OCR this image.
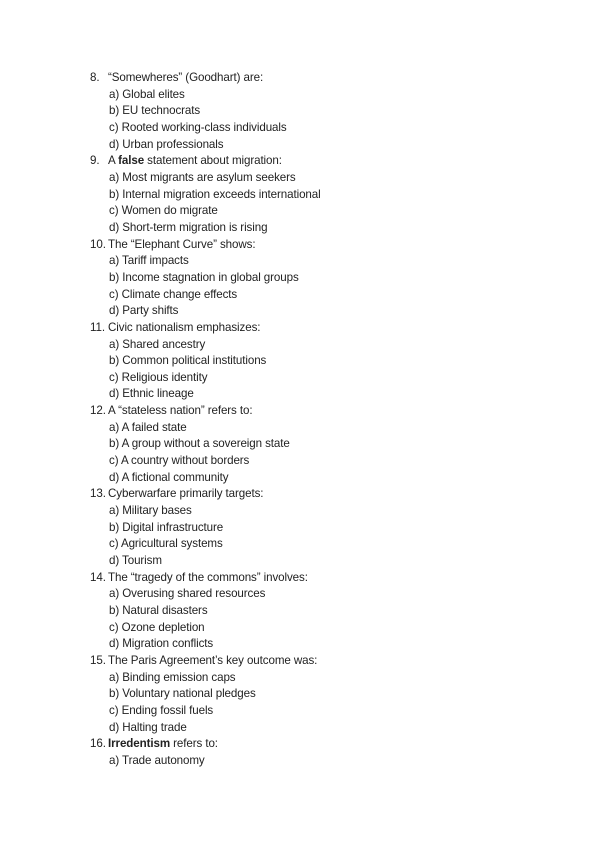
8. “Somewheres” (Goodhart) are:
a) Global elites
b) EU technocrats
c) Rooted working-class individuals
d) Urban professionals
9. A false statement about migration:
a) Most migrants are asylum seekers
b) Internal migration exceeds international
c) Women do migrate
d) Short-term migration is rising
10. The “Elephant Curve” shows:
a) Tariff impacts
b) Income stagnation in global groups
c) Climate change effects
d) Party shifts
11. Civic nationalism emphasizes:
a) Shared ancestry
b) Common political institutions
c) Religious identity
d) Ethnic lineage
12. A “stateless nation” refers to:
a) A failed state
b) A group without a sovereign state
c) A country without borders
d) A fictional community
13. Cyberwarfare primarily targets:
a) Military bases
b) Digital infrastructure
c) Agricultural systems
d) Tourism
14. The “tragedy of the commons” involves:
a) Overusing shared resources
b) Natural disasters
c) Ozone depletion
d) Migration conflicts
15. The Paris Agreement’s key outcome was:
a) Binding emission caps
b) Voluntary national pledges
c) Ending fossil fuels
d) Halting trade
16. Irredentism refers to:
a) Trade autonomy
